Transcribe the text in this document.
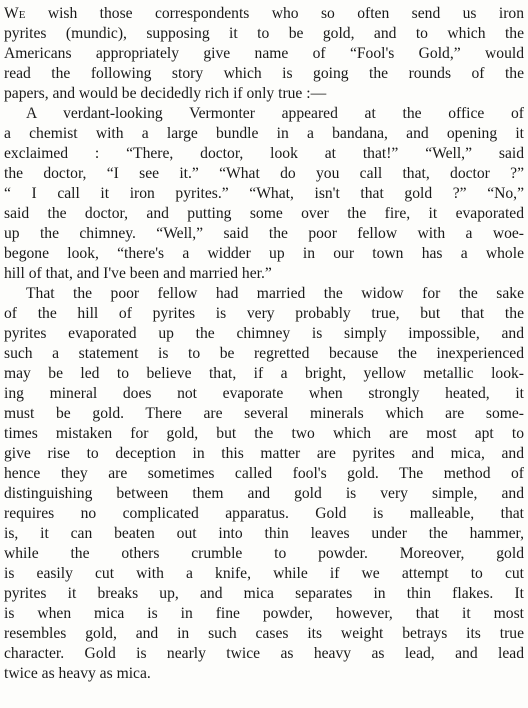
We wish those correspondents who so often send us iron
pyrites (mundic), supposing it to be gold, and to which the
Americans appropriately give name of “Fool's Gold,” would
read the following story which is going the rounds of the
papers, and would be decidedly rich if only true :—
A verdant-looking Vermonter appeared at the office of
a chemist with a large bundle in a bandana, and opening it
exclaimed : “There, doctor, look at that!” “Well,” said
the doctor, “I see it.” “What do you call that, doctor ?”
“ I call it iron pyrites.” “What, isn't that gold ?” “No,”
said the doctor, and putting some over the fire, it evaporated
up the chimney. “Well,” said the poor fellow with a woe-
begone look, “there's a widder up in our town has a whole
hill of that, and I've been and married her.”
That the poor fellow had married the widow for the sake
of the hill of pyrites is very probably true, but that the
pyrites evaporated up the chimney is simply impossible, and
such a statement is to be regretted because the inexperienced
may be led to believe that, if a bright, yellow metallic look-
ing mineral does not evaporate when strongly heated, it
must be gold. There are several minerals which are some-
times mistaken for gold, but the two which are most apt to
give rise to deception in this matter are pyrites and mica, and
hence they are sometimes called fool's gold. The method of
distinguishing between them and gold is very simple, and
requires no complicated apparatus. Gold is malleable, that
is, it can beaten out into thin leaves under the hammer,
while the others crumble to powder. Moreover, gold
is easily cut with a knife, while if we attempt to cut
pyrites it breaks up, and mica separates in thin flakes. It
is when mica is in fine powder, however, that it most
resembles gold, and in such cases its weight betrays its true
character. Gold is nearly twice as heavy as lead, and lead
twice as heavy as mica.
